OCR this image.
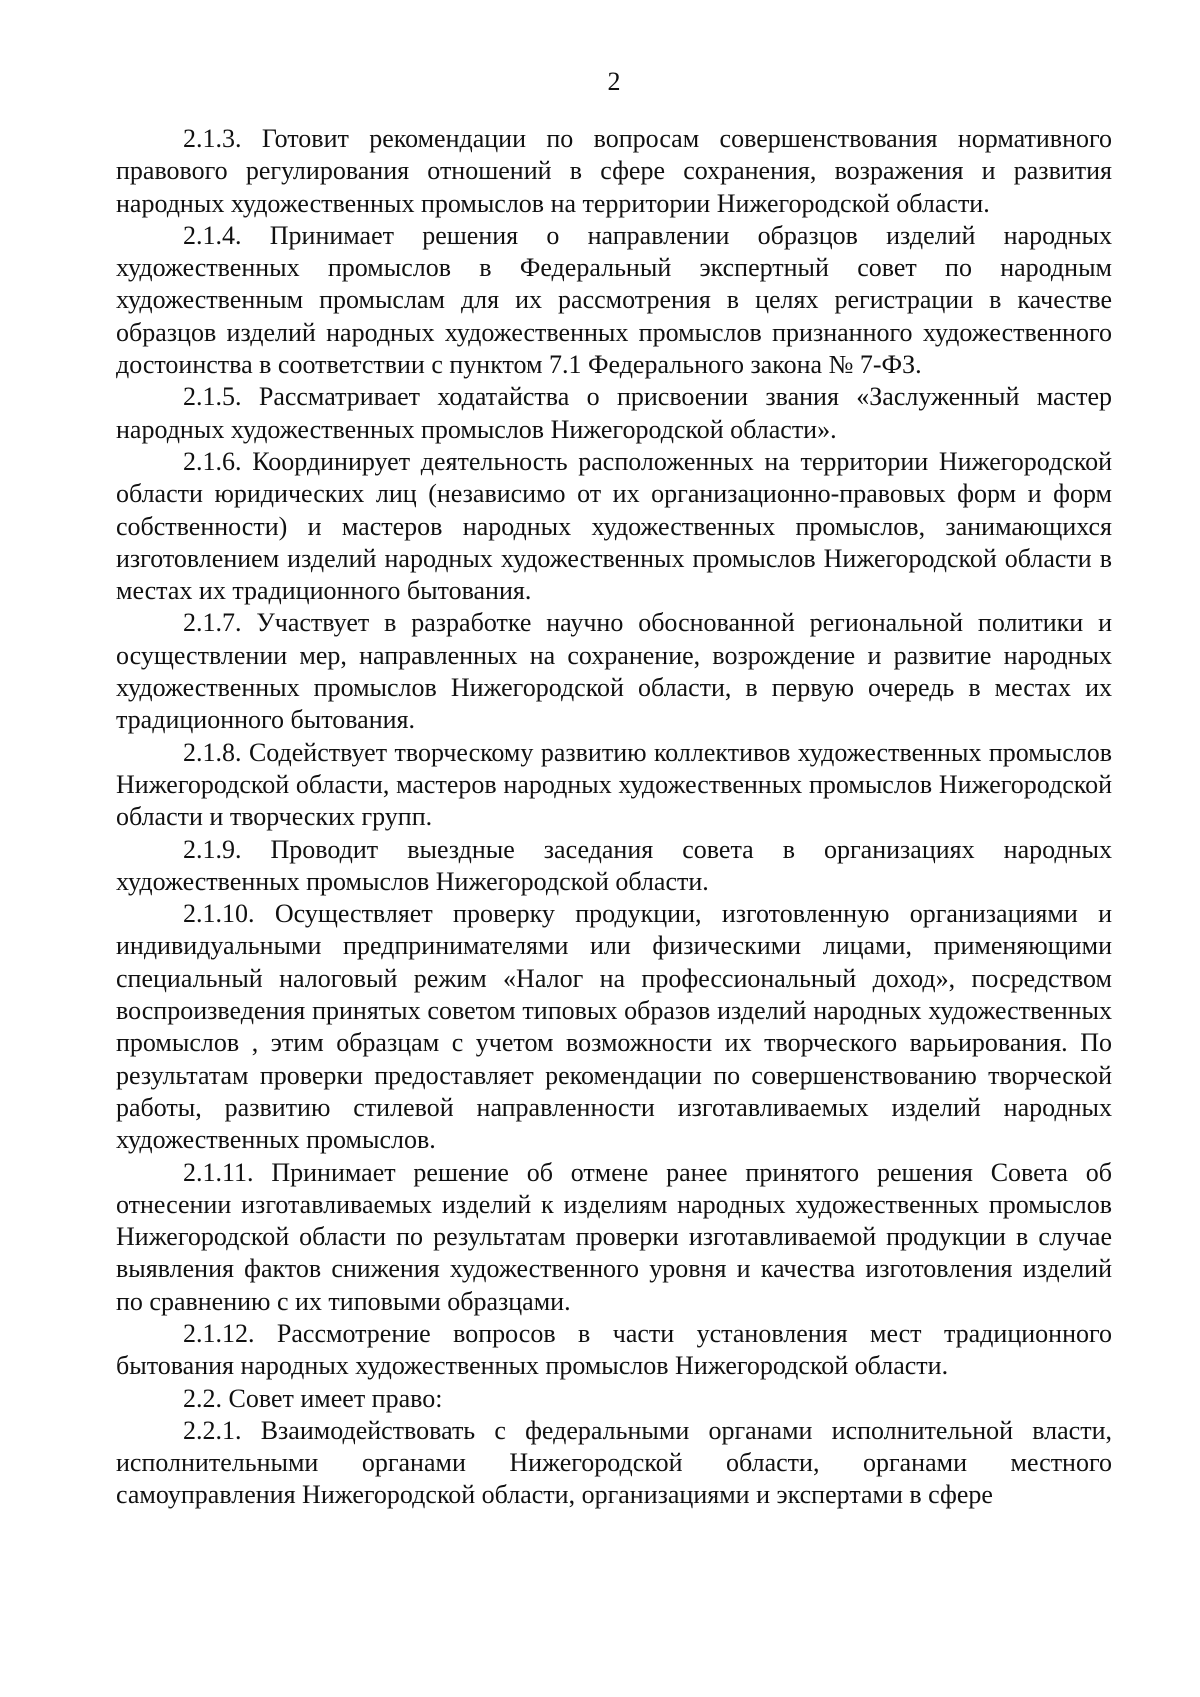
2

2.1.3. Готовит рекомендации по вопросам совершенствования нормативного правового регулирования отношений в сфере сохранения, возражения и развития народных художественных промыслов на территории Нижегородской области.

2.1.4. Принимает решения о направлении образцов изделий народных художественных промыслов в Федеральный экспертный совет по народным художественным промыслам для их рассмотрения в целях регистрации в качестве образцов изделий народных художественных промыслов признанного художественного достоинства в соответствии с пунктом 7.1 Федерального закона № 7-ФЗ.

2.1.5. Рассматривает ходатайства о присвоении звания «Заслуженный мастер народных художественных промыслов Нижегородской области».

2.1.6. Координирует деятельность расположенных на территории Нижегородской области юридических лиц (независимо от их организационно-правовых форм и форм собственности) и мастеров народных художественных промыслов, занимающихся изготовлением изделий народных художественных промыслов Нижегородской области в местах их традиционного бытования.

2.1.7. Участвует в разработке научно обоснованной региональной политики и осуществлении мер, направленных на сохранение, возрождение и развитие народных художественных промыслов Нижегородской области, в первую очередь в местах их традиционного бытования.

2.1.8. Содействует творческому развитию коллективов художественных промыслов Нижегородской области, мастеров народных художественных промыслов Нижегородской области и творческих групп.

2.1.9. Проводит выездные заседания совета в организациях народных художественных промыслов Нижегородской области.

2.1.10. Осуществляет проверку продукции, изготовленную организациями и индивидуальными предпринимателями или физическими лицами, применяющими специальный налоговый режим «Налог на профессиональный доход», посредством воспроизведения принятых советом типовых образов изделий народных художественных промыслов , этим образцам с учетом возможности их творческого варьирования. По результатам проверки предоставляет рекомендации по совершенствованию творческой работы, развитию стилевой направленности изготавливаемых изделий народных художественных промыслов.

2.1.11. Принимает решение об отмене ранее принятого решения Совета об отнесении изготавливаемых изделий к изделиям народных художественных промыслов Нижегородской области по результатам проверки изготавливаемой продукции в случае выявления фактов снижения художественного уровня и качества изготовления изделий по сравнению с их типовыми образцами.

2.1.12. Рассмотрение вопросов в части установления мест традиционного бытования народных художественных промыслов Нижегородской области.

2.2. Совет имеет право:

2.2.1. Взаимодействовать с федеральными органами исполнительной власти, исполнительными органами Нижегородской области, органами местного самоуправления Нижегородской области, организациями и экспертами в сфере
